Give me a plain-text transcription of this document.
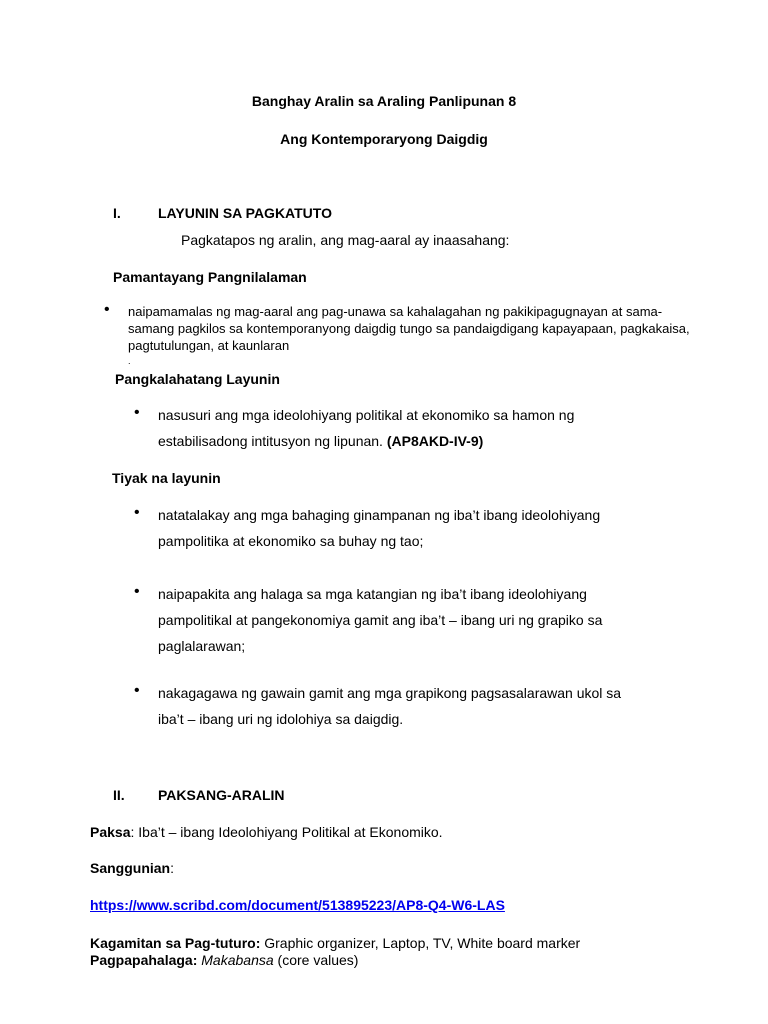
Banghay Aralin sa Araling Panlipunan 8
Ang Kontemporaryong Daigdig
I.	LAYUNIN SA PAGKATUTO
Pagkatapos ng aralin, ang mag-aaral ay inaasahang:
Pamantayang Pangnilalaman
• naipamamalas ng mag-aaral ang pag-unawa sa kahalagahan ng pakikipagugnayan at sama-
samang pagkilos sa kontemporanyong daigdig tungo sa pandaigdigang kapayapaan, pagkakaisa,
pagtutulungan, at kaunlaran
.
Pangkalahatang Layunin
• nasusuri ang mga ideolohiyang politikal at ekonomiko sa hamon ng
estabilisadong intitusyon ng lipunan. (AP8AKD-IV-9)
Tiyak na layunin
• natatalakay ang mga bahaging ginampanan ng iba’t ibang ideolohiyang
pampolitika at ekonomiko sa buhay ng tao;
• naipapakita ang halaga sa mga katangian ng iba’t ibang ideolohiyang
pampolitikal at pangekonomiya gamit ang iba’t – ibang uri ng grapiko sa
paglalarawan;
• nakagagawa ng gawain gamit ang mga grapikong pagsasalarawan ukol sa
iba’t – ibang uri ng idolohiya sa daigdig.
II. PAKSANG-ARALIN
Paksa: Iba’t – ibang Ideolohiyang Politikal at Ekonomiko.
Sanggunian:
https://www.scribd.com/document/513895223/AP8-Q4-W6-LAS
Kagamitan sa Pag-tuturo: Graphic organizer, Laptop, TV, White board marker
Pagpapahalaga: Makabansa (core values)
